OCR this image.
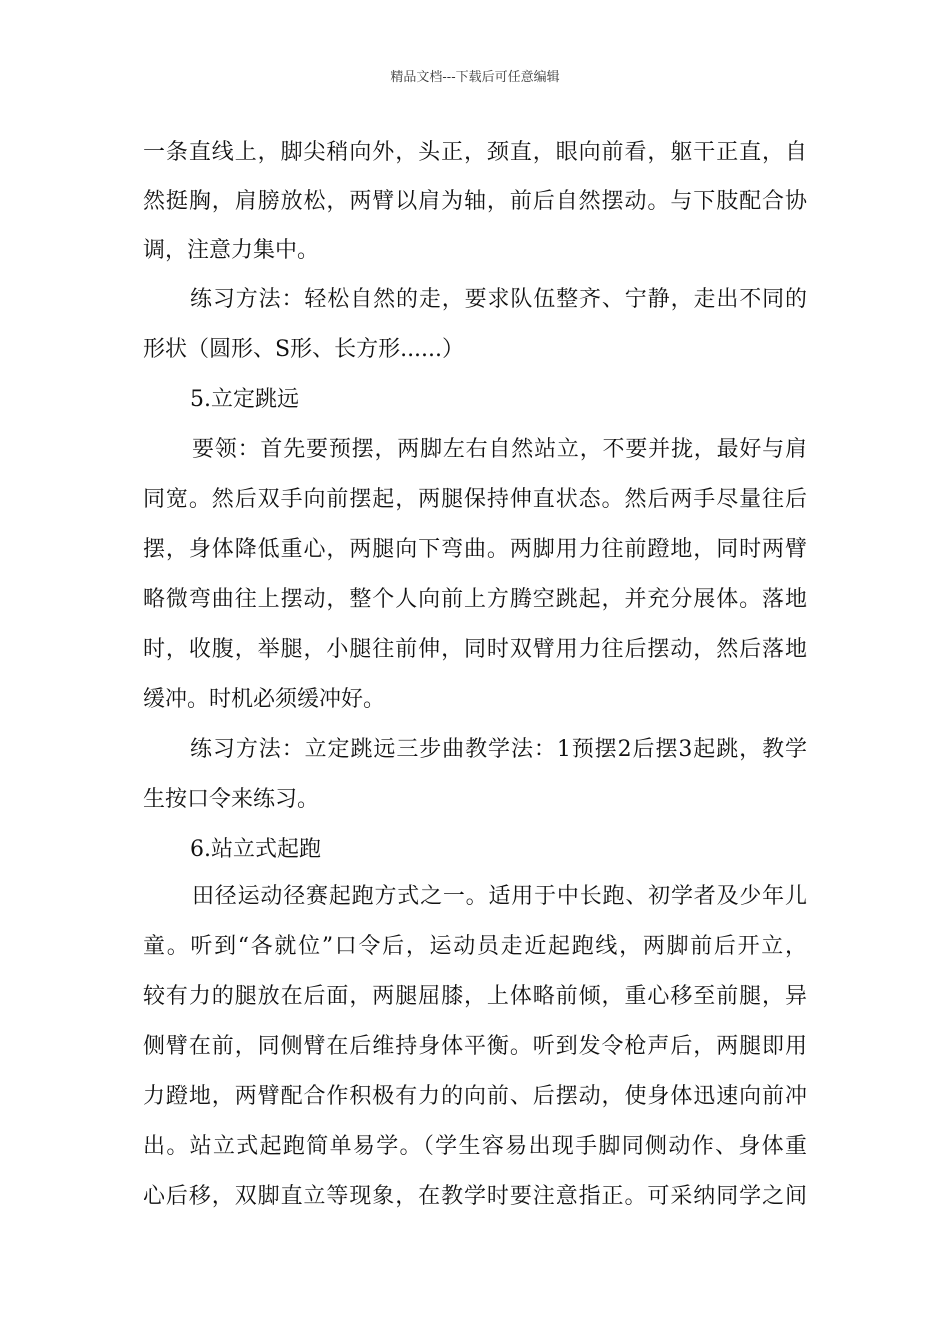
精品文档---下载后可任意编辑
一条直线上，脚尖稍向外，头正，颈直，眼向前看，躯干正直，自
然挺胸，肩膀放松，两臂以肩为轴，前后自然摆动。与下肢配合协
调，注意力集中。
练习方法：轻松自然的走，要求队伍整齐、宁静，走出不同的
形状（圆形、S形、长方形......）
5.立定跳远
要领：首先要预摆，两脚左右自然站立，不要并拢，最好与肩
同宽。然后双手向前摆起，两腿保持伸直状态。然后两手尽量往后
摆，身体降低重心，两腿向下弯曲。两脚用力往前蹬地，同时两臂
略微弯曲往上摆动，整个人向前上方腾空跳起，并充分展体。落地
时，收腹，举腿，小腿往前伸，同时双臂用力往后摆动，然后落地
缓冲。时机必须缓冲好。
练习方法：立定跳远三步曲教学法：1预摆2后摆3起跳，教学
生按口令来练习。
6.站立式起跑
田径运动径赛起跑方式之一。适用于中长跑、初学者及少年儿
童。听到“各就位”口令后，运动员走近起跑线，两脚前后开立，
较有力的腿放在后面，两腿屈膝，上体略前倾，重心移至前腿，异
侧臂在前，同侧臂在后维持身体平衡。听到发令枪声后，两腿即用
力蹬地，两臂配合作积极有力的向前、后摆动，使身体迅速向前冲
出。站立式起跑简单易学。（学生容易出现手脚同侧动作、身体重
心后移，双脚直立等现象，在教学时要注意指正。可采纳同学之间
